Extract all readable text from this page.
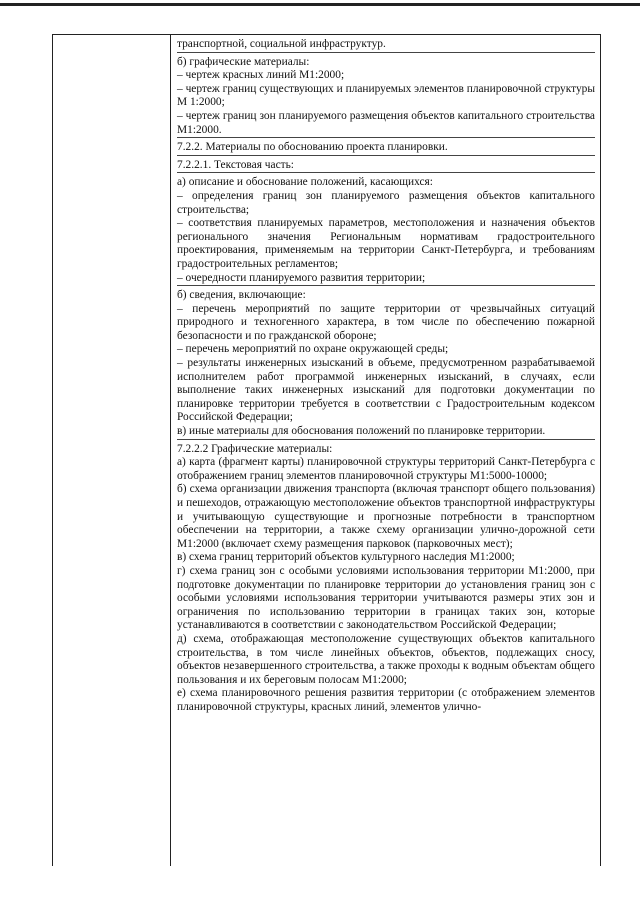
транспортной, социальной инфраструктур.

б) графические материалы:

– чертеж красных линий М1:2000;

– чертеж границ существующих и планируемых элементов планировочной структуры М 1:2000;

– чертеж границ зон планируемого размещения объектов капитального строительства М1:2000.

7.2.2. Материалы по обоснованию проекта планировки.

7.2.2.1. Текстовая часть:

а) описание и обоснование положений, касающихся:

– определения границ зон планируемого размещения объектов капитального строительства;

– соответствия планируемых параметров, местоположения и назначения объектов регионального значения Региональным нормативам градостроительного проектирования, применяемым на территории Санкт-Петербурга, и требованиям градостроительных регламентов;

– очередности планируемого развития территории;

б) сведения, включающие:

– перечень мероприятий по защите территории от чрезвычайных ситуаций природного и техногенного характера, в том числе по обеспечению пожарной безопасности и по гражданской обороне;

– перечень мероприятий по охране окружающей среды;

– результаты инженерных изысканий в объеме, предусмотренном разрабатываемой исполнителем работ программой инженерных изысканий, в случаях, если выполнение таких инженерных изысканий для подготовки документации по планировке территории требуется в соответствии с Градостроительным кодексом Российской Федерации;

в) иные материалы для обоснования положений по планировке территории.

7.2.2.2 Графические материалы:

а) карта (фрагмент карты) планировочной структуры территорий Санкт-Петербурга с отображением границ элементов планировочной структуры М1:5000-10000;

б) схема организации движения транспорта (включая транспорт общего пользования) и пешеходов, отражающую местоположение объектов транспортной инфраструктуры и учитывающую существующие и прогнозные потребности в транспортном обеспечении на территории, а также схему организации улично-дорожной сети М1:2000 (включает схему размещения парковок (парковочных мест);

в) схема границ территорий объектов культурного наследия М1:2000;

г) схема границ зон с особыми условиями использования территории М1:2000, при подготовке документации по планировке территории до установления границ зон с особыми условиями использования территории учитываются размеры этих зон и ограничения по использованию территории в границах таких зон, которые устанавливаются в соответствии с законодательством Российской Федерации;

д) схема, отображающая местоположение существующих объектов капитального строительства, в том числе линейных объектов, объектов, подлежащих сносу, объектов незавершенного строительства, а также проходы к водным объектам общего пользования и их береговым полосам М1:2000;

е) схема планировочного решения развития территории (с отображением элементов планировочной структуры, красных линий, элементов улично-
